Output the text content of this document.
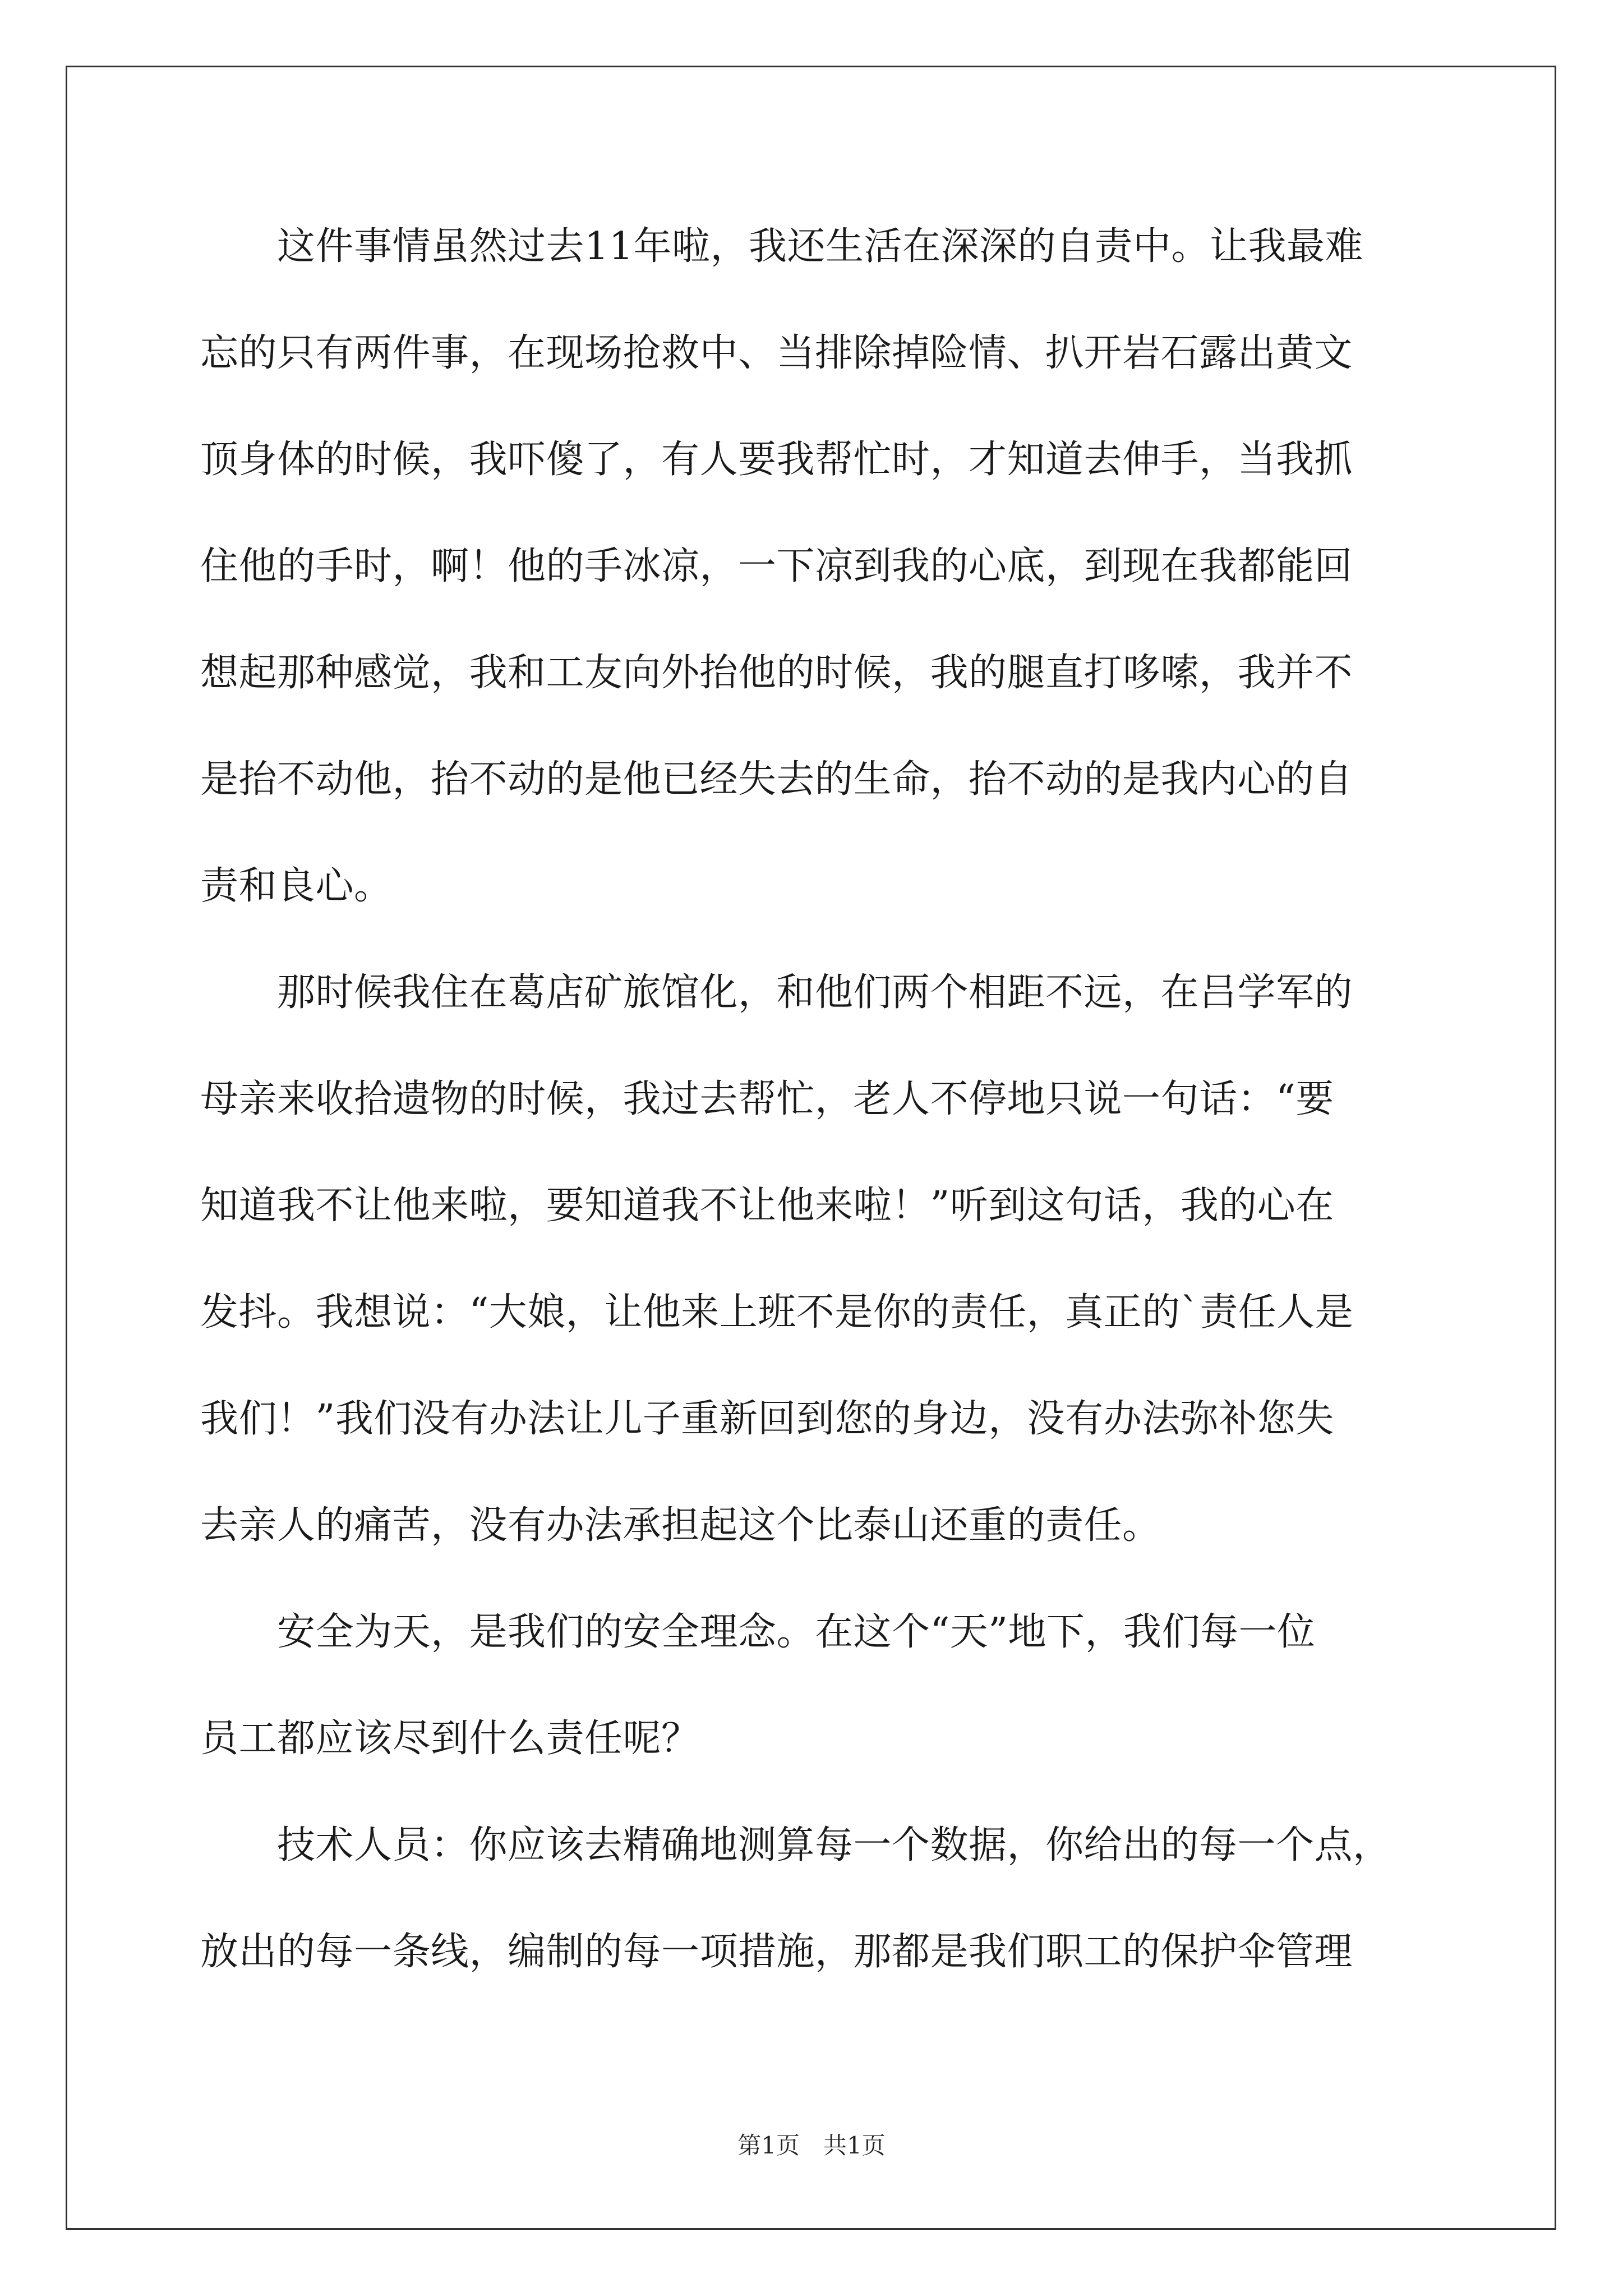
　　这件事情虽然过去11年啦，我还生活在深深的自责中。让我最难
忘的只有两件事，在现场抢救中、当排除掉险情、扒开岩石露出黄文
顶身体的时候，我吓傻了，有人要我帮忙时，才知道去伸手，当我抓
住他的手时，啊！他的手冰凉，一下凉到我的心底，到现在我都能回
想起那种感觉，我和工友向外抬他的时候，我的腿直打哆嗦，我并不
是抬不动他，抬不动的是他已经失去的生命，抬不动的是我内心的自
责和良心。
　　那时候我住在葛店矿旅馆化，和他们两个相距不远，在吕学军的
母亲来收拾遗物的时候，我过去帮忙，老人不停地只说一句话：“要
知道我不让他来啦，要知道我不让他来啦！”听到这句话，我的心在
发抖。我想说：“大娘，让他来上班不是你的责任，真正的`责任人是
我们！”我们没有办法让儿子重新回到您的身边，没有办法弥补您失
去亲人的痛苦，没有办法承担起这个比泰山还重的责任。
　　安全为天，是我们的安全理念。在这个“天”地下，我们每一位
员工都应该尽到什么责任呢？
　　技术人员：你应该去精确地测算每一个数据，你给出的每一个点，
放出的每一条线，编制的每一项措施，那都是我们职工的保护伞管理
第1页　共1页
